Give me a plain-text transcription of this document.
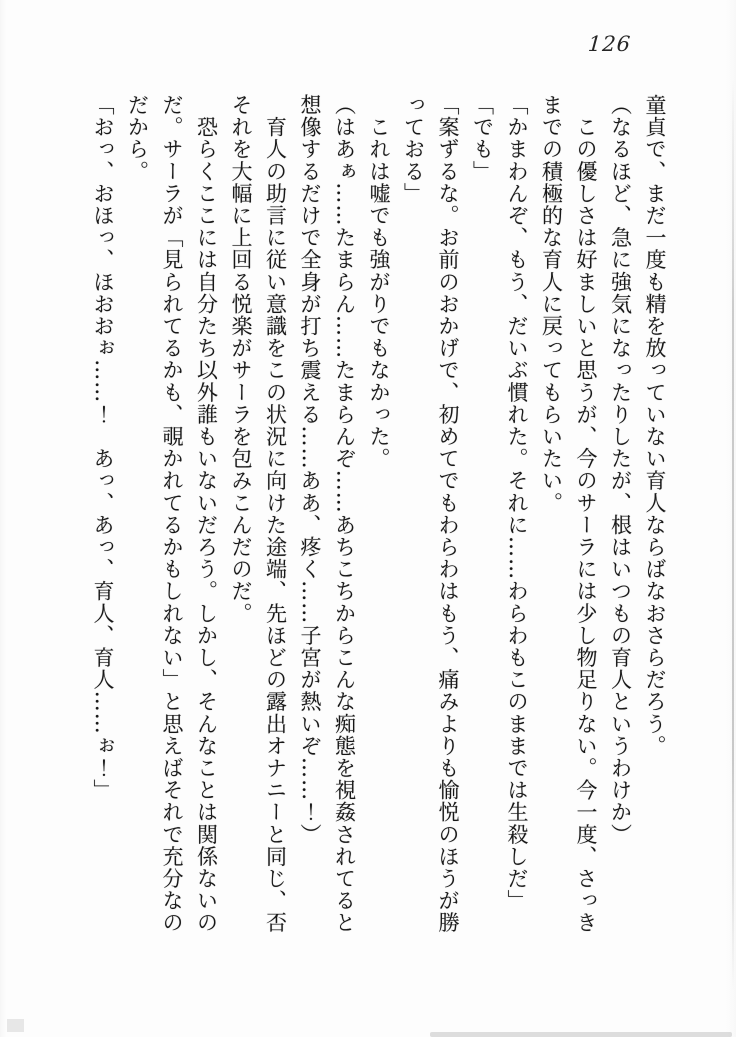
126
童貞で、まだ一度も精を放っていない育人ならばなおさらだろう。
（なるほど、急に強気になったりしたが、根はいつもの育人というわけか）
　この優しさは好ましいと思うが、今のサーラには少し物足りない。今一度、さっき
までの積極的な育人に戻ってもらいたい。
「かまわんぞ、もう、だいぶ慣れた。それに……わらわもこのままでは生殺しだ」
「でも」
「案ずるな。お前のおかげで、初めてでもわらわはもう、痛みよりも愉悦のほうが勝
っておる」
　これは嘘でも強がりでもなかった。
（はあぁ……たまらん……たまらんぞ……あちこちからこんな痴態を視姦されてると
想像するだけで全身が打ち震える……ああ、疼く……子宮が熱いぞ……！）
　育人の助言に従い意識をこの状況に向けた途端、先ほどの露出オナニーと同じ、否
それを大幅に上回る悦楽がサーラを包みこんだのだ。
　恐らくここには自分たち以外誰もいないだろう。しかし、そんなことは関係ないの
だ。サーラが「見られてるかも、覗かれてるかもしれない」と思えばそれで充分なの
だから。
「おっ、おほっ、ほおおぉ……！　あっ、あっ、育人、育人……ぉ！」
